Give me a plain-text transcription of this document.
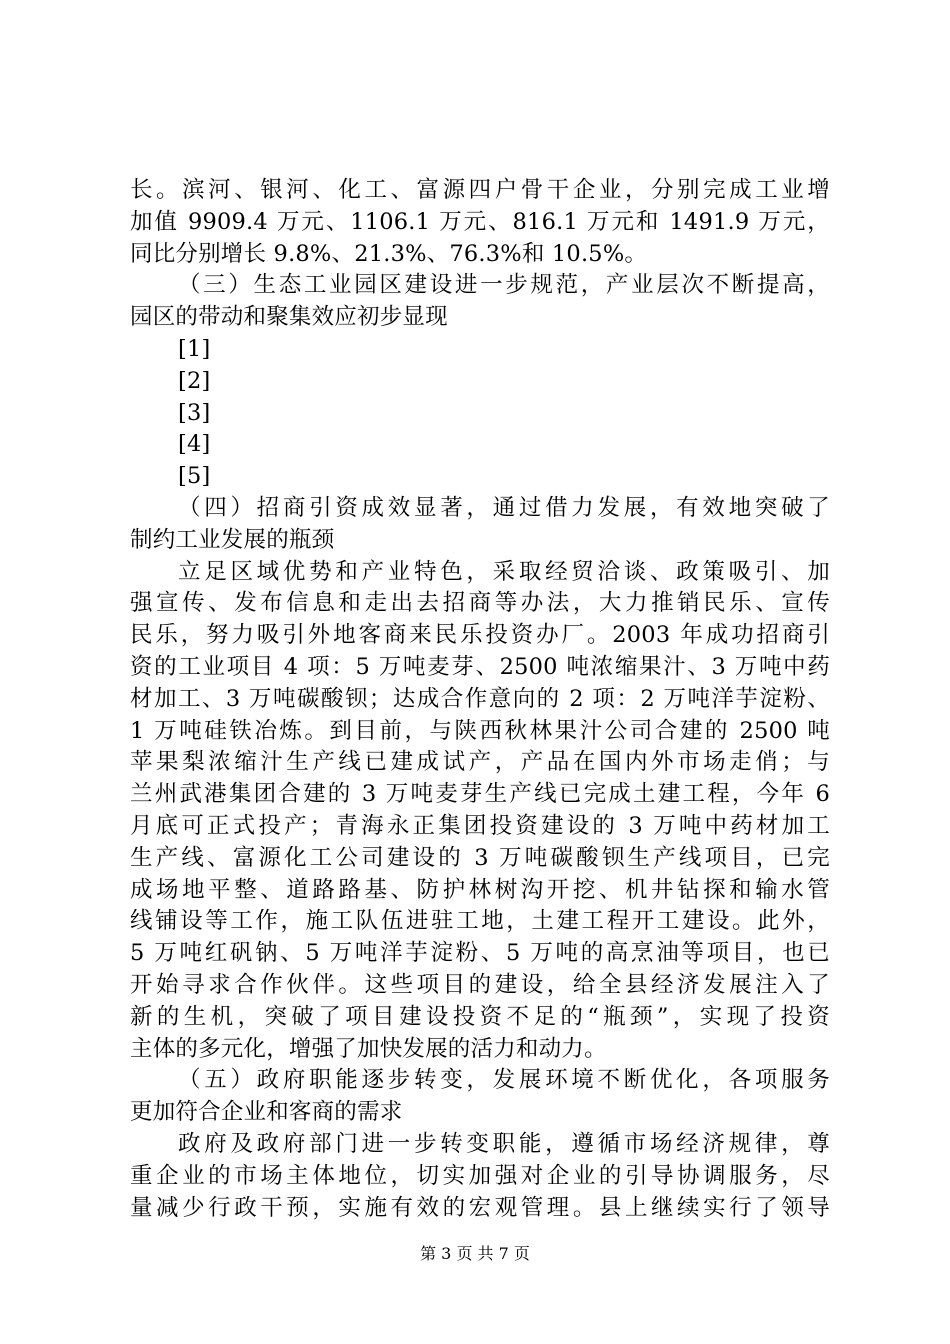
长。滨河、银河、化工、富源四户骨干企业，分别完成工业增
加值 9909.4 万元、1106.1 万元、816.1 万元和 1491.9 万元，
同比分别增长 9.8%、21.3%、76.3%和 10.5%。
（三）生态工业园区建设进一步规范，产业层次不断提高，
园区的带动和聚集效应初步显现
[1]
[2]
[3]
[4]
[5]
（四）招商引资成效显著，通过借力发展，有效地突破了
制约工业发展的瓶颈
立足区域优势和产业特色，采取经贸洽谈、政策吸引、加
强宣传、发布信息和走出去招商等办法，大力推销民乐、宣传
民乐，努力吸引外地客商来民乐投资办厂。2003 年成功招商引
资的工业项目 4 项：5 万吨麦芽、2500 吨浓缩果汁、3 万吨中药
材加工、3 万吨碳酸钡；达成合作意向的 2 项：2 万吨洋芋淀粉、
1 万吨硅铁冶炼。到目前，与陕西秋林果汁公司合建的 2500 吨
苹果梨浓缩汁生产线已建成试产，产品在国内外市场走俏；与
兰州武港集团合建的 3 万吨麦芽生产线已完成土建工程，今年 6
月底可正式投产；青海永正集团投资建设的 3 万吨中药材加工
生产线、富源化工公司建设的 3 万吨碳酸钡生产线项目，已完
成场地平整、道路路基、防护林树沟开挖、机井钻探和输水管
线铺设等工作，施工队伍进驻工地，土建工程开工建设。此外，
5 万吨红矾钠、5 万吨洋芋淀粉、5 万吨的高烹油等项目，也已
开始寻求合作伙伴。这些项目的建设，给全县经济发展注入了
新的生机，突破了项目建设投资不足的“瓶颈”，实现了投资
主体的多元化，增强了加快发展的活力和动力。
（五）政府职能逐步转变，发展环境不断优化，各项服务
更加符合企业和客商的需求
政府及政府部门进一步转变职能，遵循市场经济规律，尊
重企业的市场主体地位，切实加强对企业的引导协调服务，尽
量减少行政干预，实施有效的宏观管理。县上继续实行了领导
第 3 页 共 7 页
